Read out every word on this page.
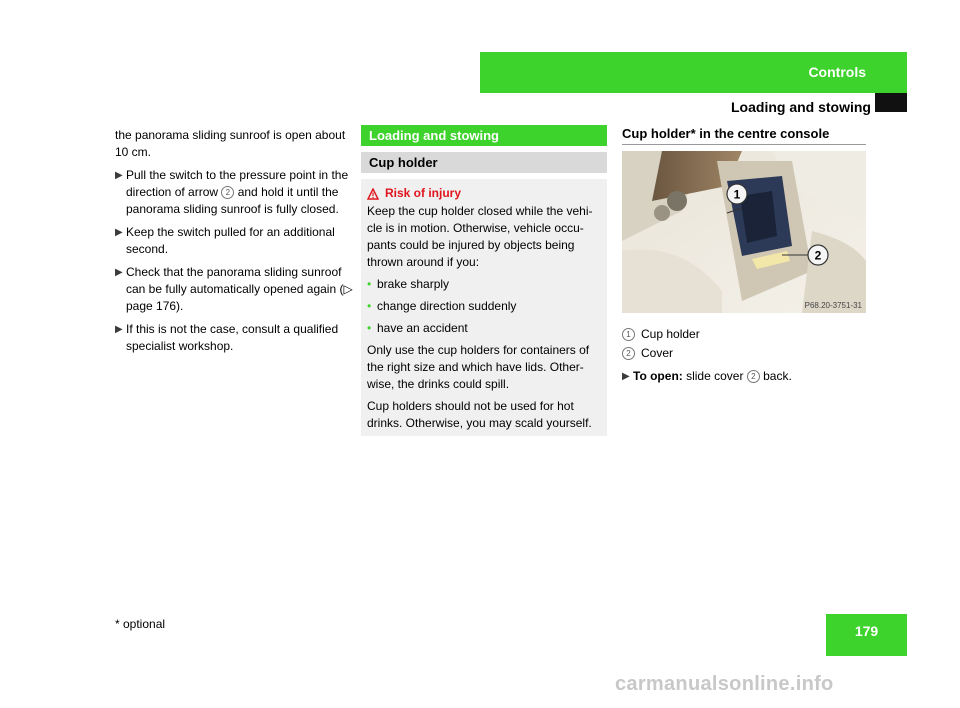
Controls
Loading and stowing

the panorama sliding sunroof is open about 10 cm.

▶ Pull the switch to the pressure point in the direction of arrow 2 and hold it until the panorama sliding sunroof is fully closed.
▶ Keep the switch pulled for an additional second.
▶ Check that the panorama sliding sunroof can be fully automatically opened again (▷ page 176).
▶ If this is not the case, consult a qualified specialist workshop.
Loading and stowing
Cup holder
Risk of injury

Keep the cup holder closed while the vehi-cle is in motion. Otherwise, vehicle occu-pants could be injured by objects being thrown around if you:

• brake sharply
• change direction suddenly
• have an accident

Only use the cup holders for containers of the right size and which have lids. Other-wise, the drinks could spill.

Cup holders should not be used for hot drinks. Otherwise, you may scald yourself.

Cup holder* in the centre console
1
2
P68.20-3751-31
1 Cup holder
2 Cover
▶ To open: slide cover 2 back.
* optional	179
carmanualsonline.info
